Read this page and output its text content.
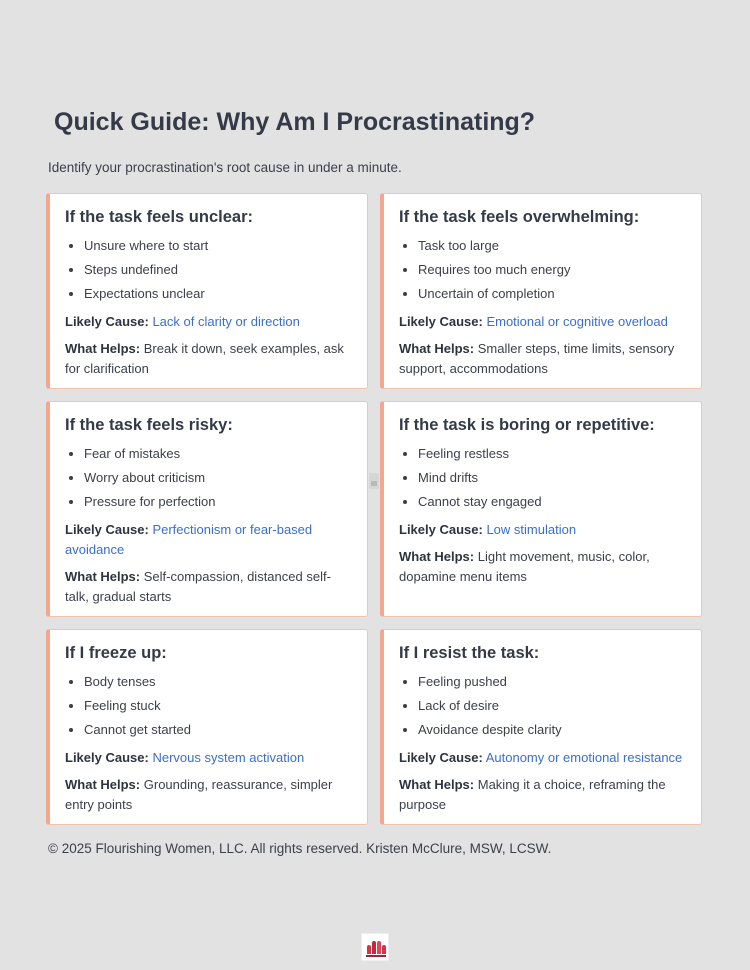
Quick Guide: Why Am I Procrastinating?

Identify your procrastination's root cause in under a minute.

If the task feels unclear:
Unsure where to start
Steps undefined
Expectations unclear

Likely Cause: Lack of clarity or direction

What Helps: Break it down, seek examples, ask for clarification

If the task feels overwhelming:
Task too large
Requires too much energy
Uncertain of completion

Likely Cause: Emotional or cognitive overload

What Helps: Smaller steps, time limits, sensory support, accommodations

If the task feels risky:
Fear of mistakes
Worry about criticism
Pressure for perfection

Likely Cause: Perfectionism or fear-based avoidance

What Helps: Self-compassion, distanced self-talk, gradual starts

If the task is boring or repetitive:
Feeling restless
Mind drifts
Cannot stay engaged

Likely Cause: Low stimulation

What Helps: Light movement, music, color, dopamine menu items

If I freeze up:
Body tenses
Feeling stuck
Cannot get started

Likely Cause: Nervous system activation

What Helps: Grounding, reassurance, simpler entry points

If I resist the task:
Feeling pushed
Lack of desire
Avoidance despite clarity

Likely Cause: Autonomy or emotional resistance

What Helps: Making it a choice, reframing the purpose

© 2025 Flourishing Women, LLC. All rights reserved. Kristen McClure, MSW, LCSW.
